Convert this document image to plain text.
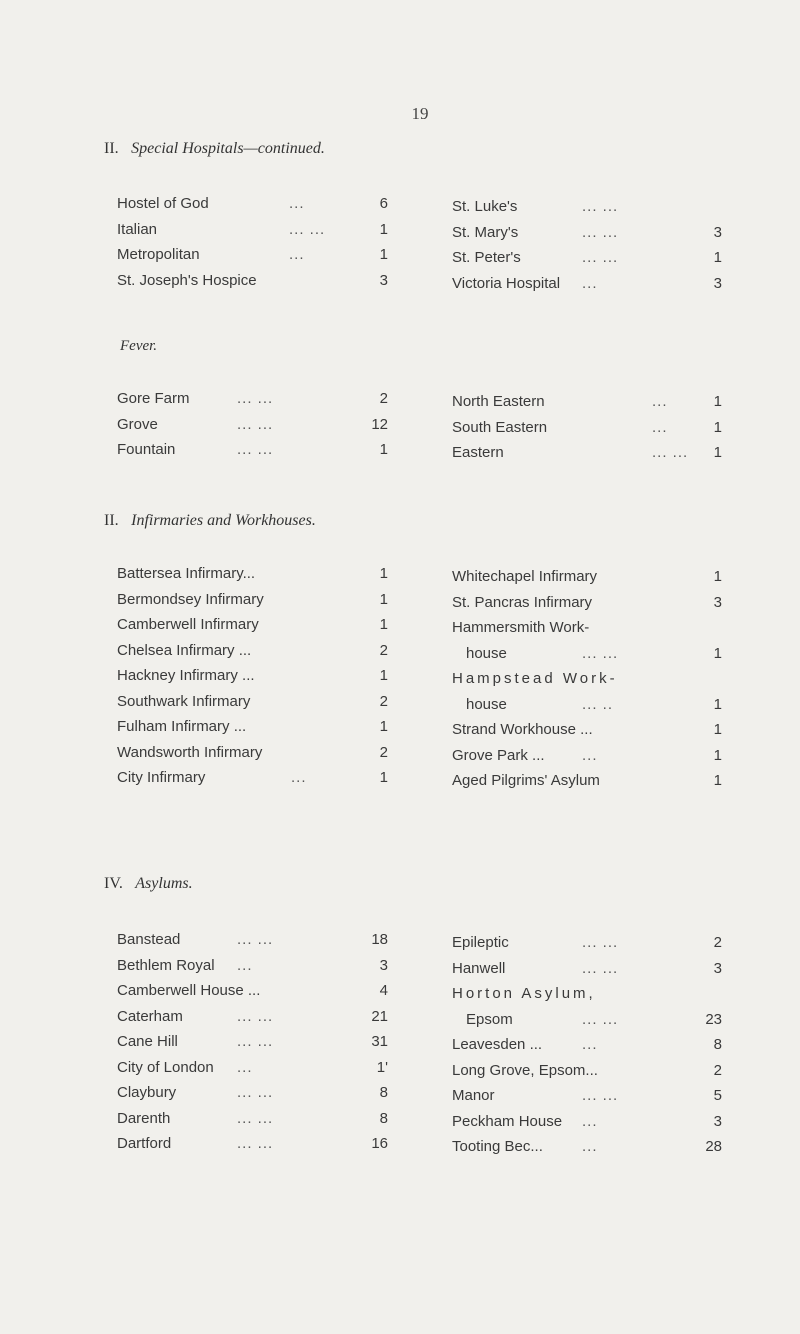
19
II. Special Hospitals—continued.
Hostel of God	...	6
Italian	... ...	1
Metropolitan	...	1
St. Joseph's Hospice	3
St. Luke's	... ...
St. Mary's	... ...	3
St. Peter's	... ...	1
Victoria Hospital ...	3
Fever.
Gore Farm	... ...	2
Grove	... ...	12
Fountain	... ...	1
North Eastern	...	1
South Eastern	...	1
Eastern	... ... 1
II. Infirmaries and Workhouses.
Battersea Infirmary...	1
Bermondsey Infirmary	1
Camberwell Infirmary	1
Chelsea Infirmary ...	2
Hackney Infirmary ...	1
Southwark Infirmary	2
Fulham Infirmary ...	1
Wandsworth Infirmary	2
City Infirmary	...	1
Whitechapel Infirmary	1
St. Pancras Infirmary	3
Hammersmith Work-
house	... ...	1
Hampstead Work-
house	... ..	1
Strand Workhouse ...	1
Grove Park ... ...	1
Aged Pilgrims' Asylum	1
IV. Asylums.
Banstead	... ...	18
Bethlem Royal ...	3
Camberwell House ...	4
Caterham	... ...	21
Cane Hill	... ...	31
City of London ...	1'
Claybury	... ...	8
Darenth	... ...	8
Dartford	... ...	16
Epileptic	... ...	2
Hanwell	... ...	3
Horton Asylum,
Epsom	... ...	23
Leavesden ...	...	8
Long Grove, Epsom...	2
Manor	... ...	5
Peckham House ...	3
Tooting Bec...	...	28
